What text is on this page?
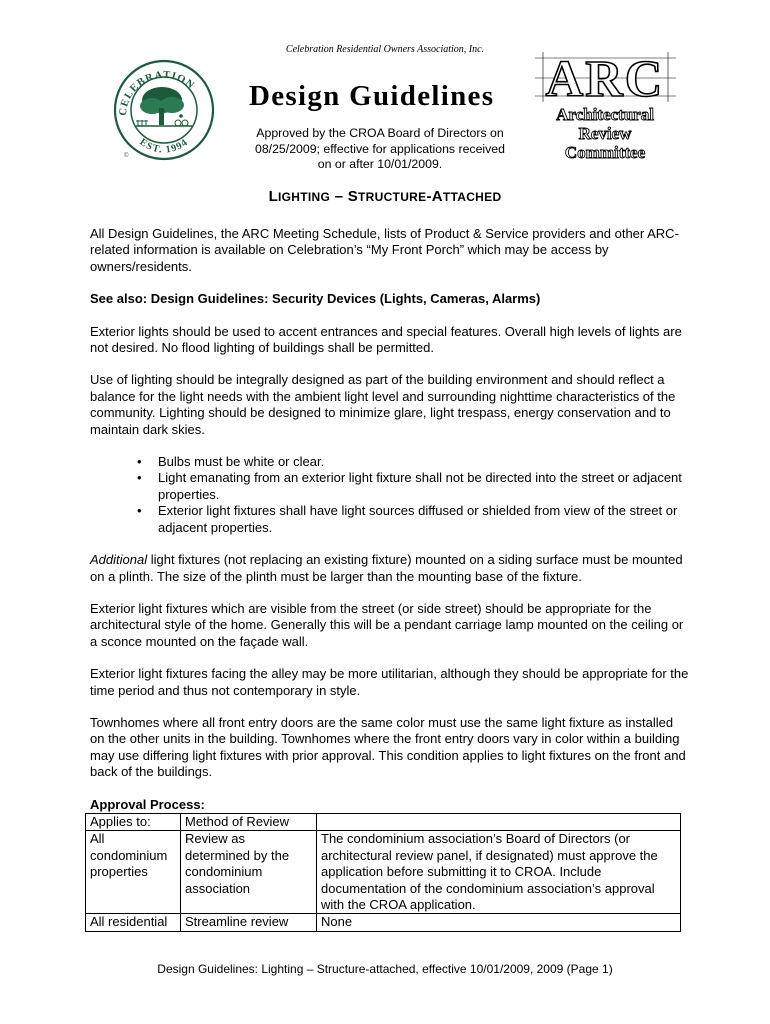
Celebration Residential Owners Association, Inc.
CELEBRATION
EST. 1994
©
Design Guidelines
Approved by the CROA Board of Directors on 08/25/2009; effective for applications received on or after 10/01/2009.
ARC
Architectural
Review
Committee
LIGHTING – STRUCTURE-ATTACHED

All Design Guidelines, the ARC Meeting Schedule, lists of Product & Service providers and other ARC-related information is available on Celebration’s “My Front Porch” which may be access by owners/residents.

See also: Design Guidelines: Security Devices (Lights, Cameras, Alarms)

Exterior lights should be used to accent entrances and special features. Overall high levels of lights are not desired. No flood lighting of buildings shall be permitted.

Use of lighting should be integrally designed as part of the building environment and should reflect a balance for the light needs with the ambient light level and surrounding nighttime characteristics of the community. Lighting should be designed to minimize glare, light trespass, energy conservation and to maintain dark skies.

• Bulbs must be white or clear.
• Light emanating from an exterior light fixture shall not be directed into the street or adjacent properties.
• Exterior light fixtures shall have light sources diffused or shielded from view of the street or adjacent properties.

Additional light fixtures (not replacing an existing fixture) mounted on a siding surface must be mounted on a plinth. The size of the plinth must be larger than the mounting base of the fixture.

Exterior light fixtures which are visible from the street (or side street) should be appropriate for the architectural style of the home. Generally this will be a pendant carriage lamp mounted on the ceiling or a sconce mounted on the façade wall.

Exterior light fixtures facing the alley may be more utilitarian, although they should be appropriate for the time period and thus not contemporary in style.

Townhomes where all front entry doors are the same color must use the same light fixture as installed on the other units in the building. Townhomes where the front entry doors vary in color within a building may use differing light fixtures with prior approval. This condition applies to light fixtures on the front and back of the buildings.

Approval Process:
Applies to:	Method of Review	
All condominium properties	Review as determined by the condominium association	The condominium association’s Board of Directors (or architectural review panel, if designated) must approve the application before submitting it to CROA. Include documentation of the condominium association’s approval with the CROA application.
All residential	Streamline review	None
Design Guidelines: Lighting – Structure-attached, effective 10/01/2009, 2009 (Page 1)
